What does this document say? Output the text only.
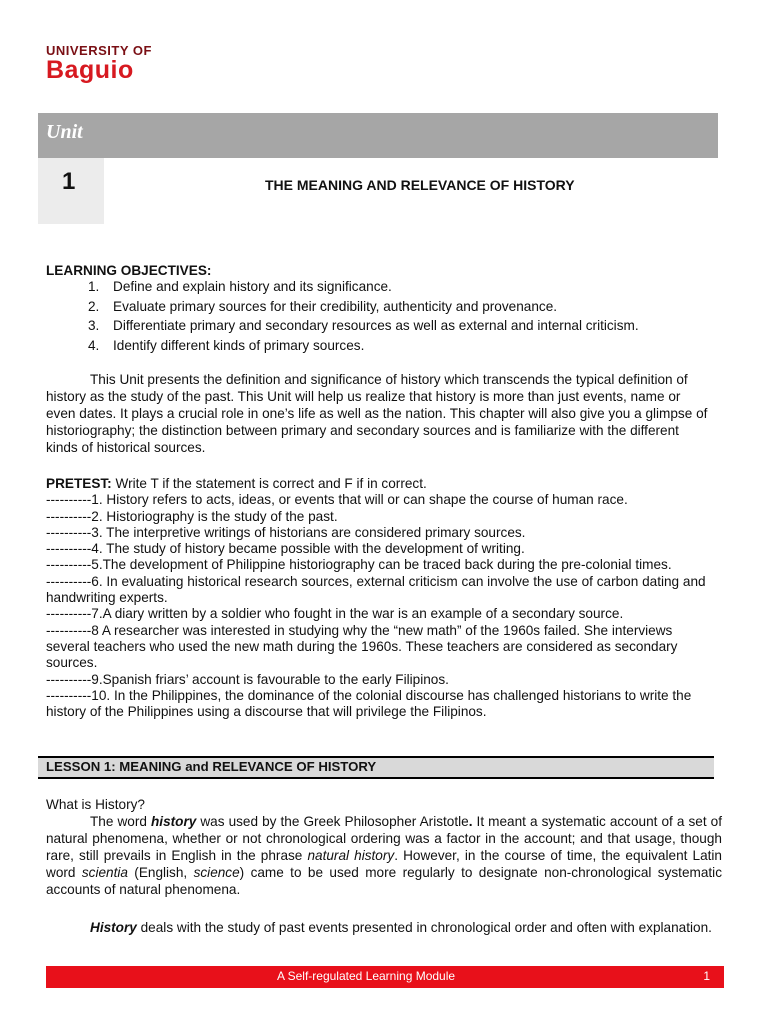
UNIVERSITY OF
Baguio
Unit
1	THE MEANING AND RELEVANCE OF HISTORY
LEARNING OBJECTIVES:
1. Define and explain history and its significance.
2. Evaluate primary sources for their credibility, authenticity and provenance.
3. Differentiate primary and secondary resources as well as external and internal criticism.
4. Identify different kinds of primary sources.
This Unit presents the definition and significance of history which transcends the typical definition of
history as the study of the past. This Unit will help us realize that history is more than just events, name or
even dates. It plays a crucial role in one’s life as well as the nation. This chapter will also give you a glimpse of
historiography; the distinction between primary and secondary sources and is familiarize with the different
kinds of historical sources.
PRETEST: Write T if the statement is correct and F if in correct.
----------1. History refers to acts, ideas, or events that will or can shape the course of human race.
----------2. Historiography is the study of the past.
----------3. The interpretive writings of historians are considered primary sources.
----------4. The study of history became possible with the development of writing.
----------5.The development of Philippine historiography can be traced back during the pre-colonial times.
----------6. In evaluating historical research sources, external criticism can involve the use of carbon dating and
handwriting experts.
----------7.A diary written by a soldier who fought in the war is an example of a secondary source.
----------8 A researcher was interested in studying why the “new math” of the 1960s failed. She interviews
several teachers who used the new math during the 1960s. These teachers are considered as secondary
sources.
----------9.Spanish friars’ account is favourable to the early Filipinos.
----------10. In the Philippines, the dominance of the colonial discourse has challenged historians to write the
history of the Philippines using a discourse that will privilege the Filipinos.
LESSON 1: MEANING and RELEVANCE OF HISTORY
What is History?
The word history was used by the Greek Philosopher Aristotle. It meant a systematic account of a set of natural phenomena, whether or not chronological ordering was a factor in the account; and that usage, though rare, still prevails in English in the phrase natural history. However, in the course of time, the equivalent Latin word scientia (English, science) came to be used more regularly to designate non-chronological systematic accounts of natural phenomena.
History deals with the study of past events presented in chronological order and often with explanation.
A Self-regulated Learning Module	1
